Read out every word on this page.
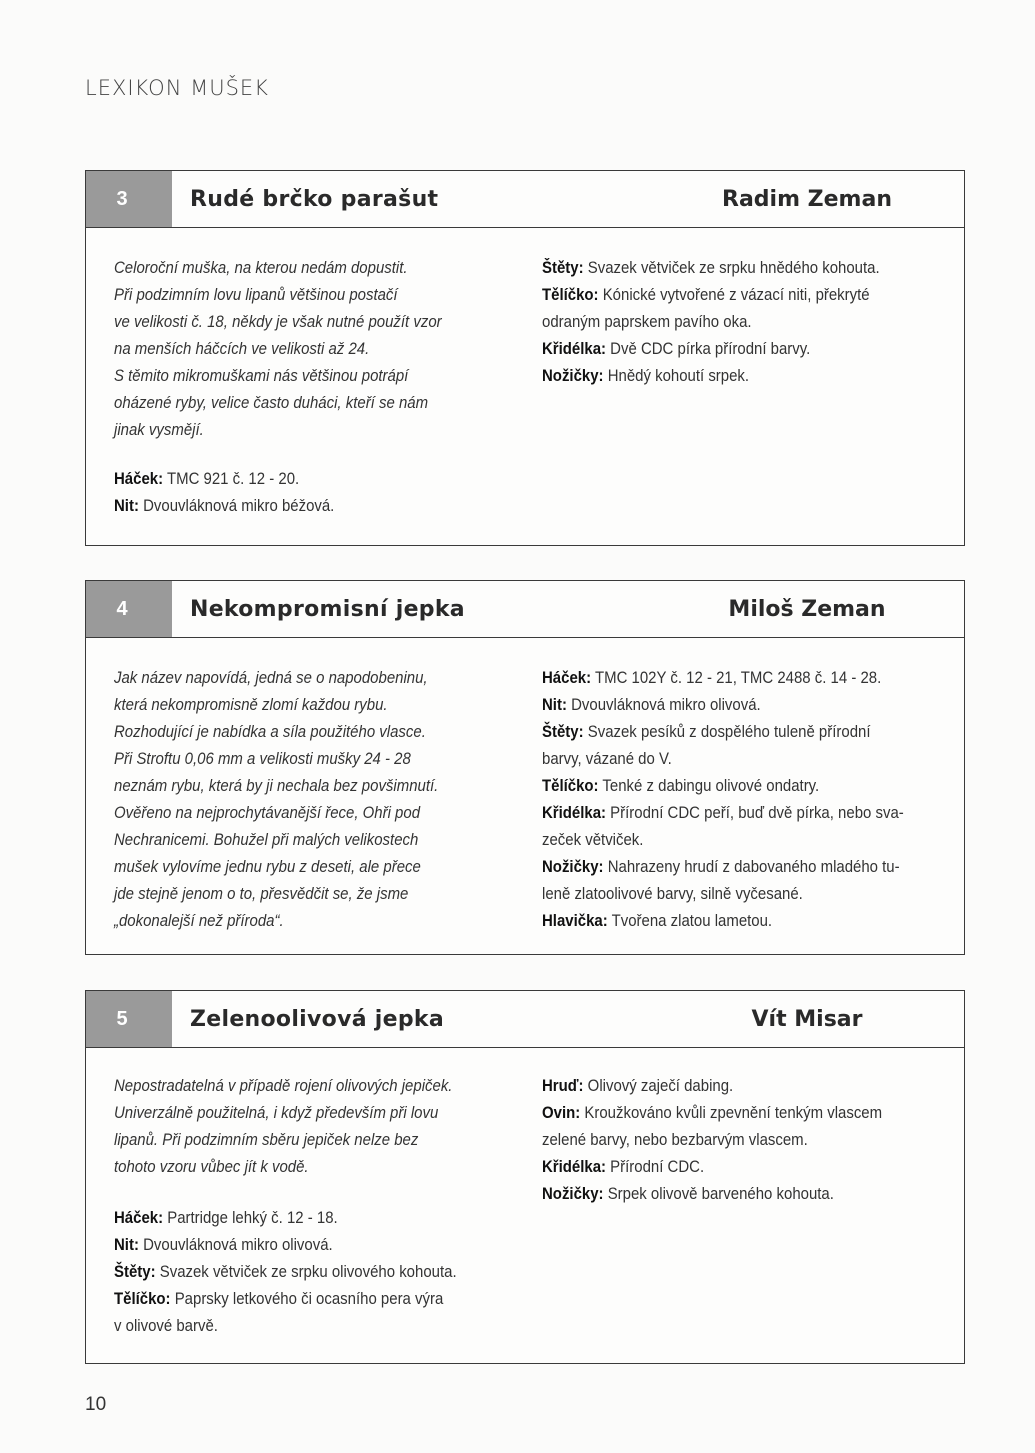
LEXIKON MUŠEK
3	Rudé brčko parašut	Radim Zeman
Celoroční muška, na kterou nedám dopustit.
Při podzimním lovu lipanů většinou postačí
ve velikosti č. 18, někdy je však nutné použít vzor
na menších háčcích ve velikosti až 24.
S těmito mikromuškami nás většinou potrápí
oházené ryby, velice často duháci, kteří se nám
jinak vysmějí.
Háček: TMC 921 č. 12 - 20.
Nit: Dvouvláknová mikro béžová.
Štěty: Svazek větviček ze srpku hnědého kohouta.
Tělíčko: Kónické vytvořené z vázací niti, překryté
odraným paprskem pavího oka.
Křidélka: Dvě CDC pírka přírodní barvy.
Nožičky: Hnědý kohoutí srpek.
4	Nekompromisní jepka	Miloš Zeman
Jak název napovídá, jedná se o napodobeninu,
která nekompromisně zlomí každou rybu.
Rozhodující je nabídka a síla použitého vlasce.
Při Stroftu 0,06 mm a velikosti mušky 24 - 28
neznám rybu, která by ji nechala bez povšimnutí.
Ověřeno na nejprochytávanější řece, Ohři pod
Nechranicemi. Bohužel při malých velikostech
mušek vylovíme jednu rybu z deseti, ale přece
jde stejně jenom o to, přesvědčit se, že jsme
„dokonalejší než příroda“.
Háček: TMC 102Y č. 12 - 21, TMC 2488 č. 14 - 28.
Nit: Dvouvláknová mikro olivová.
Štěty: Svazek pesíků z dospělého tuleně přírodní
barvy, vázané do V.
Tělíčko: Tenké z dabingu olivové ondatry.
Křidélka: Přírodní CDC peří, buď dvě pírka, nebo sva-
zeček větviček.
Nožičky: Nahrazeny hrudí z dabovaného mladého tu-
leně zlatoolivové barvy, silně vyčesané.
Hlavička: Tvořena zlatou lametou.
5	Zelenoolivová jepka	Vít Misar
Nepostradatelná v případě rojení olivových jepiček.
Univerzálně použitelná, i když především při lovu
lipanů. Při podzimním sběru jepiček nelze bez
tohoto vzoru vůbec jít k vodě.
Háček: Partridge lehký č. 12 - 18.
Nit: Dvouvláknová mikro olivová.
Štěty: Svazek větviček ze srpku olivového kohouta.
Tělíčko: Paprsky letkového či ocasního pera výra
v olivové barvě.
Hruď: Olivový zaječí dabing.
Ovin: Kroužkováno kvůli zpevnění tenkým vlascem
zelené barvy, nebo bezbarvým vlascem.
Křidélka: Přírodní CDC.
Nožičky: Srpek olivově barveného kohouta.
10
